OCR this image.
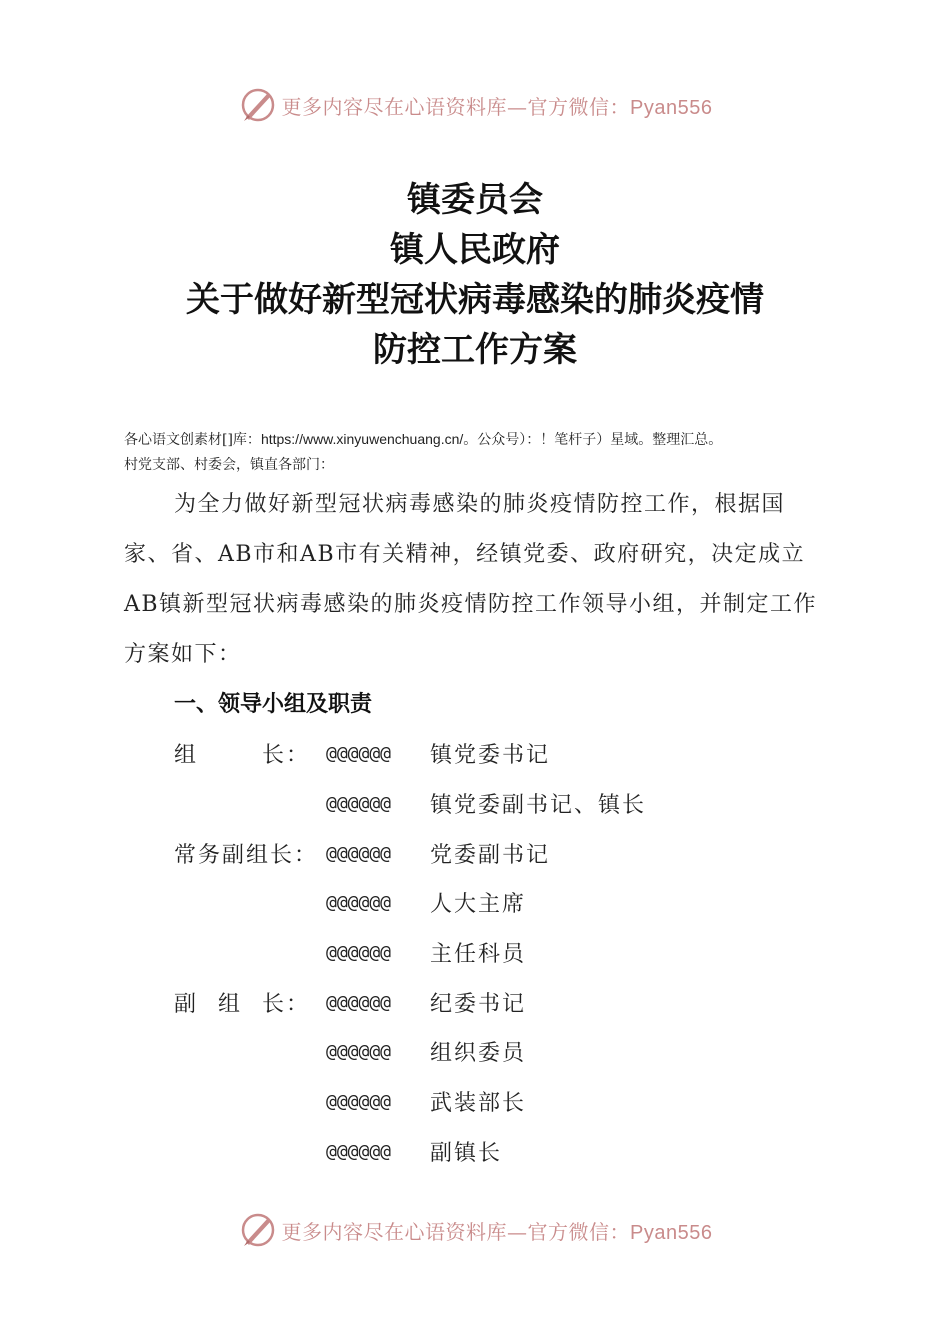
更多内容尽在心语资料库—官方微信：Pyan556
镇委员会
镇人民政府
关于做好新型冠状病毒感染的肺炎疫情
防控工作方案
各心语文创素材[]库：https://www.xinyuwenchuang.cn/。公众号）：！笔杆子）星域。整理汇总。
村党支部、村委会，镇直各部门：
为全力做好新型冠状病毒感染的肺炎疫情防控工作，根据国家、省、AB市和AB市有关精神，经镇党委、政府研究，决定成立AB镇新型冠状病毒感染的肺炎疫情防控工作领导小组，并制定工作方案如下：
一、领导小组及职责
组	长： @@@@@@	镇党委书记
@@@@@@	镇党委副书记、镇长
常务副组长： @@@@@@	党委副书记
@@@@@@	人大主席
@@@@@@	主任科员
副 组 长： @@@@@@	纪委书记
@@@@@@	组织委员
@@@@@@	武装部长
@@@@@@	副镇长
更多内容尽在心语资料库—官方微信：Pyan556
